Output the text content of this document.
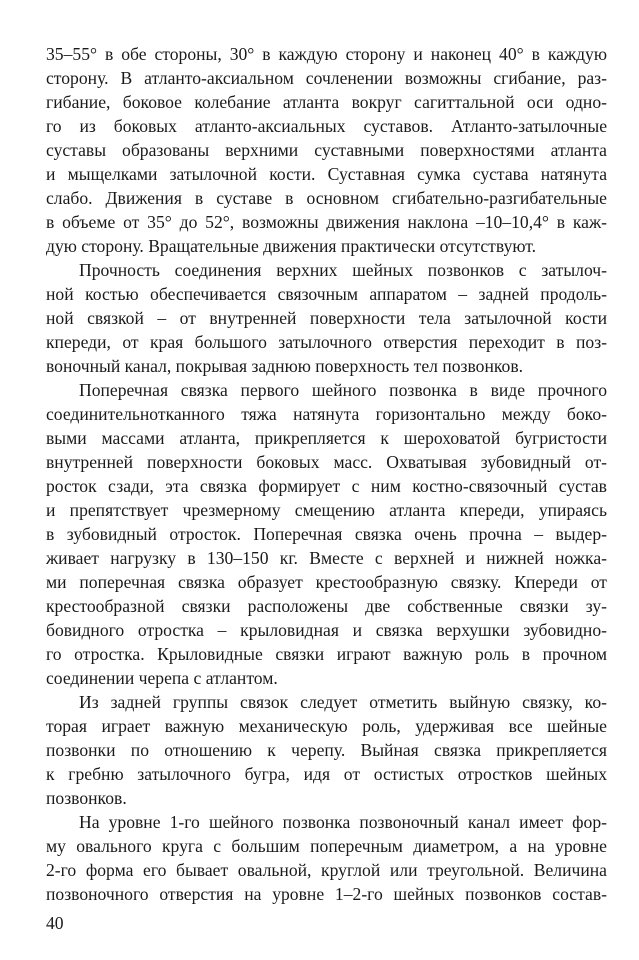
35–55° в обе стороны, 30° в каждую сторону и наконец 40° в каждую
сторону. В атланто-аксиальном сочленении возможны сгибание, раз-
гибание, боковое колебание атланта вокруг сагиттальной оси одно-
го из боковых атланто-аксиальных суставов. Атланто-затылочные
суставы образованы верхними суставными поверхностями атланта
и мыщелками затылочной кости. Суставная сумка сустава натянута
слабо. Движения в суставе в основном сгибательно-разгибательные
в объеме от 35° до 52°, возможны движения наклона –10–10,4° в каж-
дую сторону. Вращательные движения практически отсутствуют.
Прочность соединения верхних шейных позвонков с затылоч-
ной костью обеспечивается связочным аппаратом – задней продоль-
ной связкой – от внутренней поверхности тела затылочной кости
кпереди, от края большого затылочного отверстия переходит в поз-
воночный канал, покрывая заднюю поверхность тел позвонков.
Поперечная связка первого шейного позвонка в виде прочного
соединительнотканного тяжа натянута горизонтально между боко-
выми массами атланта, прикрепляется к шероховатой бугристости
внутренней поверхности боковых масс. Охватывая зубовидный от-
росток сзади, эта связка формирует с ним костно-связочный сустав
и препятствует чрезмерному смещению атланта кпереди, упираясь
в зубовидный отросток. Поперечная связка очень прочна – выдер-
живает нагрузку в 130–150 кг. Вместе с верхней и нижней ножка-
ми поперечная связка образует крестообразную связку. Кпереди от
крестообразной связки расположены две собственные связки зу-
бовидного отростка – крыловидная и связка верхушки зубовидно-
го отростка. Крыловидные связки играют важную роль в прочном
соединении черепа с атлантом.
Из задней группы связок следует отметить выйную связку, ко-
торая играет важную механическую роль, удерживая все шейные
позвонки по отношению к черепу. Выйная связка прикрепляется
к гребню затылочного бугра, идя от остистых отростков шейных
позвонков.
На уровне 1-го шейного позвонка позвоночный канал имеет фор-
му овального круга с большим поперечным диаметром, а на уровне
2-го форма его бывает овальной, круглой или треугольной. Величина
позвоночного отверстия на уровне 1–2-го шейных позвонков состав-
40
